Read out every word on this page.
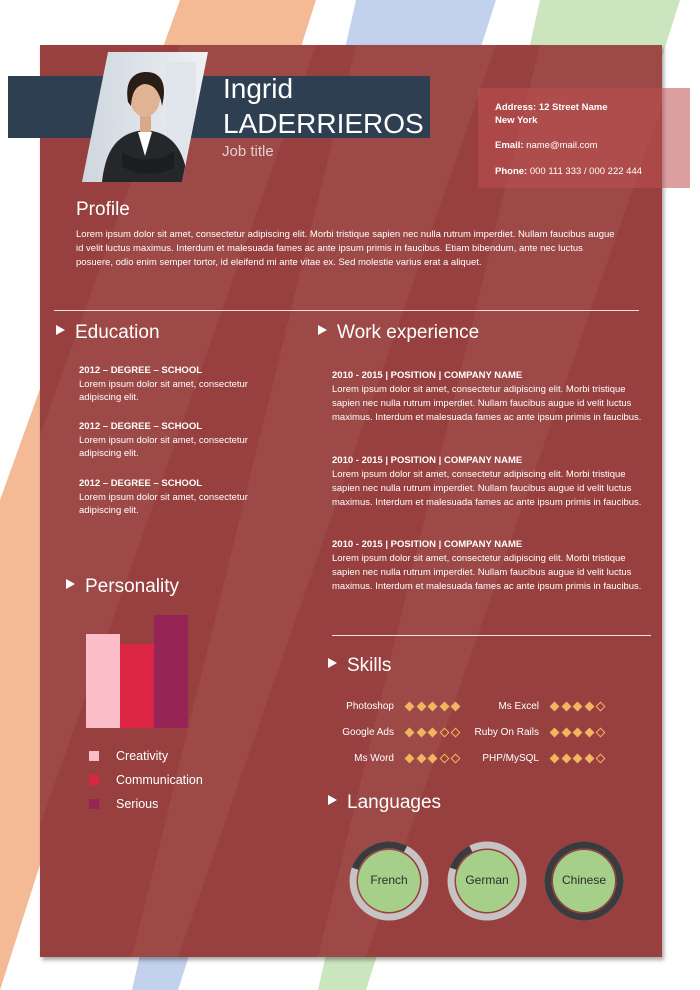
Ingrid
LADERRIEROS
Job title
Address: 12 Street Name
New York
Email: name@mail.com
Phone: 000 111 333 / 000 222 444
Profile
Lorem ipsum dolor sit amet, consectetur adipiscing elit. Morbi tristique sapien nec nulla rutrum imperdiet. Nullam faucibus augue id velit luctus maximus. Interdum et malesuada fames ac ante ipsum primis in faucibus. Etiam bibendum, ante nec luctus posuere, odio enim semper tortor, id eleifend mi ante vitae ex. Sed molestie varius erat a aliquet.
Education
2012 – DEGREE – SCHOOL
Lorem ipsum dolor sit amet, consectetur adipiscing elit.
2012 – DEGREE – SCHOOL
Lorem ipsum dolor sit amet, consectetur adipiscing elit.
2012 – DEGREE – SCHOOL
Lorem ipsum dolor sit amet, consectetur adipiscing elit.
Work experience
2010 - 2015 | POSITION | COMPANY NAME
Lorem ipsum dolor sit amet, consectetur adipiscing elit. Morbi tristique sapien nec nulla rutrum imperdiet. Nullam faucibus augue id velit luctus maximus. Interdum et malesuada fames ac ante ipsum primis in faucibus.
2010 - 2015 | POSITION | COMPANY NAME
Lorem ipsum dolor sit amet, consectetur adipiscing elit. Morbi tristique sapien nec nulla rutrum imperdiet. Nullam faucibus augue id velit luctus maximus. Interdum et malesuada fames ac ante ipsum primis in faucibus.
2010 - 2015 | POSITION | COMPANY NAME
Lorem ipsum dolor sit amet, consectetur adipiscing elit. Morbi tristique sapien nec nulla rutrum imperdiet. Nullam faucibus augue id velit luctus maximus. Interdum et malesuada fames ac ante ipsum primis in faucibus.
Personality
Creativity
Communication
Serious
Skills
Photoshop	Ms Excel
Google Ads	Ruby On Rails
Ms Word	PHP/MySQL
Languages
French	German	Chinese
